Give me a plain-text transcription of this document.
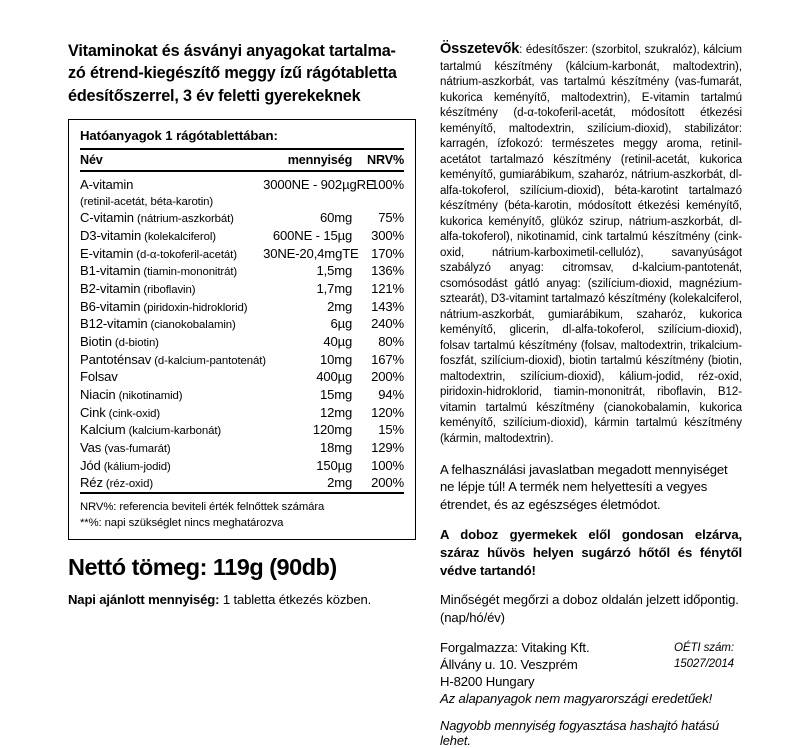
Vitaminokat és ásványi anyagokat tartalma-
zó étrend-kiegészítő meggy ízű rágótabletta
édesítőszerrel, 3 év feletti gyerekeknek
Hatóanyagok 1 rágótablettában:
Név	mennyiség	NRV%
A-vitamin	3000NE - 902µgRE	100%
(retinil-acetát, béta-karotin)		
C-vitamin (nátrium-aszkorbát)	60mg	75%
D3-vitamin (kolekalciferol)	600NE - 15µg	300%
E-vitamin (d-α-tokoferil-acetát)	30NE-20,4mgTE	170%
B1-vitamin (tiamin-mononitrát)	1,5mg	136%
B2-vitamin (riboflavin)	1,7mg	121%
B6-vitamin (piridoxin-hidroklorid)	2mg	143%
B12-vitamin (cianokobalamin)	6µg	240%
Biotin (d-biotin)	40µg	80%
Pantoténsav (d-kalcium-pantotenát)	10mg	167%
Folsav	400µg	200%
Niacin (nikotinamid)	15mg	94%
Cink (cink-oxid)	12mg	120%
Kalcium (kalcium-karbonát)	120mg	15%
Vas (vas-fumarát)	18mg	129%
Jód (kálium-jodid)	150µg	100%
Réz (réz-oxid)	2mg	200%
NRV%: referencia beviteli érték felnőttek számára
**%: napi szükséglet nincs meghatározva
Nettó tömeg: 119g (90db)
Napi ajánlott mennyiség: 1 tabletta étkezés közben.

Összetevők: édesítőszer: (szorbitol, szukralóz), kálcium tartalmú készítmény (kálcium-karbonát, maltodextrin), nátrium-aszkorbát, vas tartalmú készítmény (vas-fumarát, kukorica keményítő, maltodextrin), E-vitamin tartalmú készítmény (d-α-tokoferil-acetát, módosított étkezési keményítő, maltodextrin, szilícium-dioxid), stabilizátor: karragén, ízfokozó: természetes meggy aroma, retinil-acetátot tartalmazó készítmény (retinil-acetát, kukorica keményítő, gumiarábikum, szaharóz, nátrium-aszkorbát, dl-alfa-tokoferol, szilícium-dioxid), béta-karotint tartalmazó készítmény (béta-karotin, módosított étkezési keményítő, kukorica keményítő, glükóz szirup, nátrium-aszkorbát, dl-alfa-tokoferol), nikotinamid, cink tartalmú készítmény (cink-oxid, nátrium-karboximetil-cellulóz), savanyúságot szabályzó anyag: citromsav, d-kalcium-pantotenát, csomósodást gátló anyag: (szilícium-dioxid, magnézium-sztearát), D3-vitamint tartalmazó készítmény (kolekalciferol, nátrium-aszkorbát, gumiarábikum, szaharóz, kukorica keményítő, glicerin, dl-alfa-tokoferol, szilícium-dioxid), folsav tartalmú készítmény (folsav, maltodextrin, trikalcium-foszfát, szilícium-dioxid), biotin tartalmú készítmény (biotin, maltodextrin, szilícium-dioxid), kálium-jodid, réz-oxid, piridoxin-hidroklorid, tiamin-mononitrát, riboflavin, B12-vitamin tartalmú készítmény (cianokobalamin, kukorica keményítő, szilícium-dioxid), kármin tartalmú készítmény (kármin, maltodextrin).

A felhasználási javaslatban megadott mennyiséget ne lépje túl! A termék nem helyettesíti a vegyes étrendet, és az egészséges életmódot.

A doboz gyermekek elől gondosan elzárva, száraz hűvös helyen sugárzó hőtől és fénytől védve tartandó!

Minőségét megőrzi a doboz oldalán jelzett időpontig. (nap/hó/év)

Forgalmazza: Vitaking Kft.
Állvány u. 10. Veszprém
H-8200 Hungary
Az alapanyagok nem magyarországi eredetűek!
OÉTI szám:
15027/2014
Nagyobb mennyiség fogyasztása hashajtó hatású lehet.
